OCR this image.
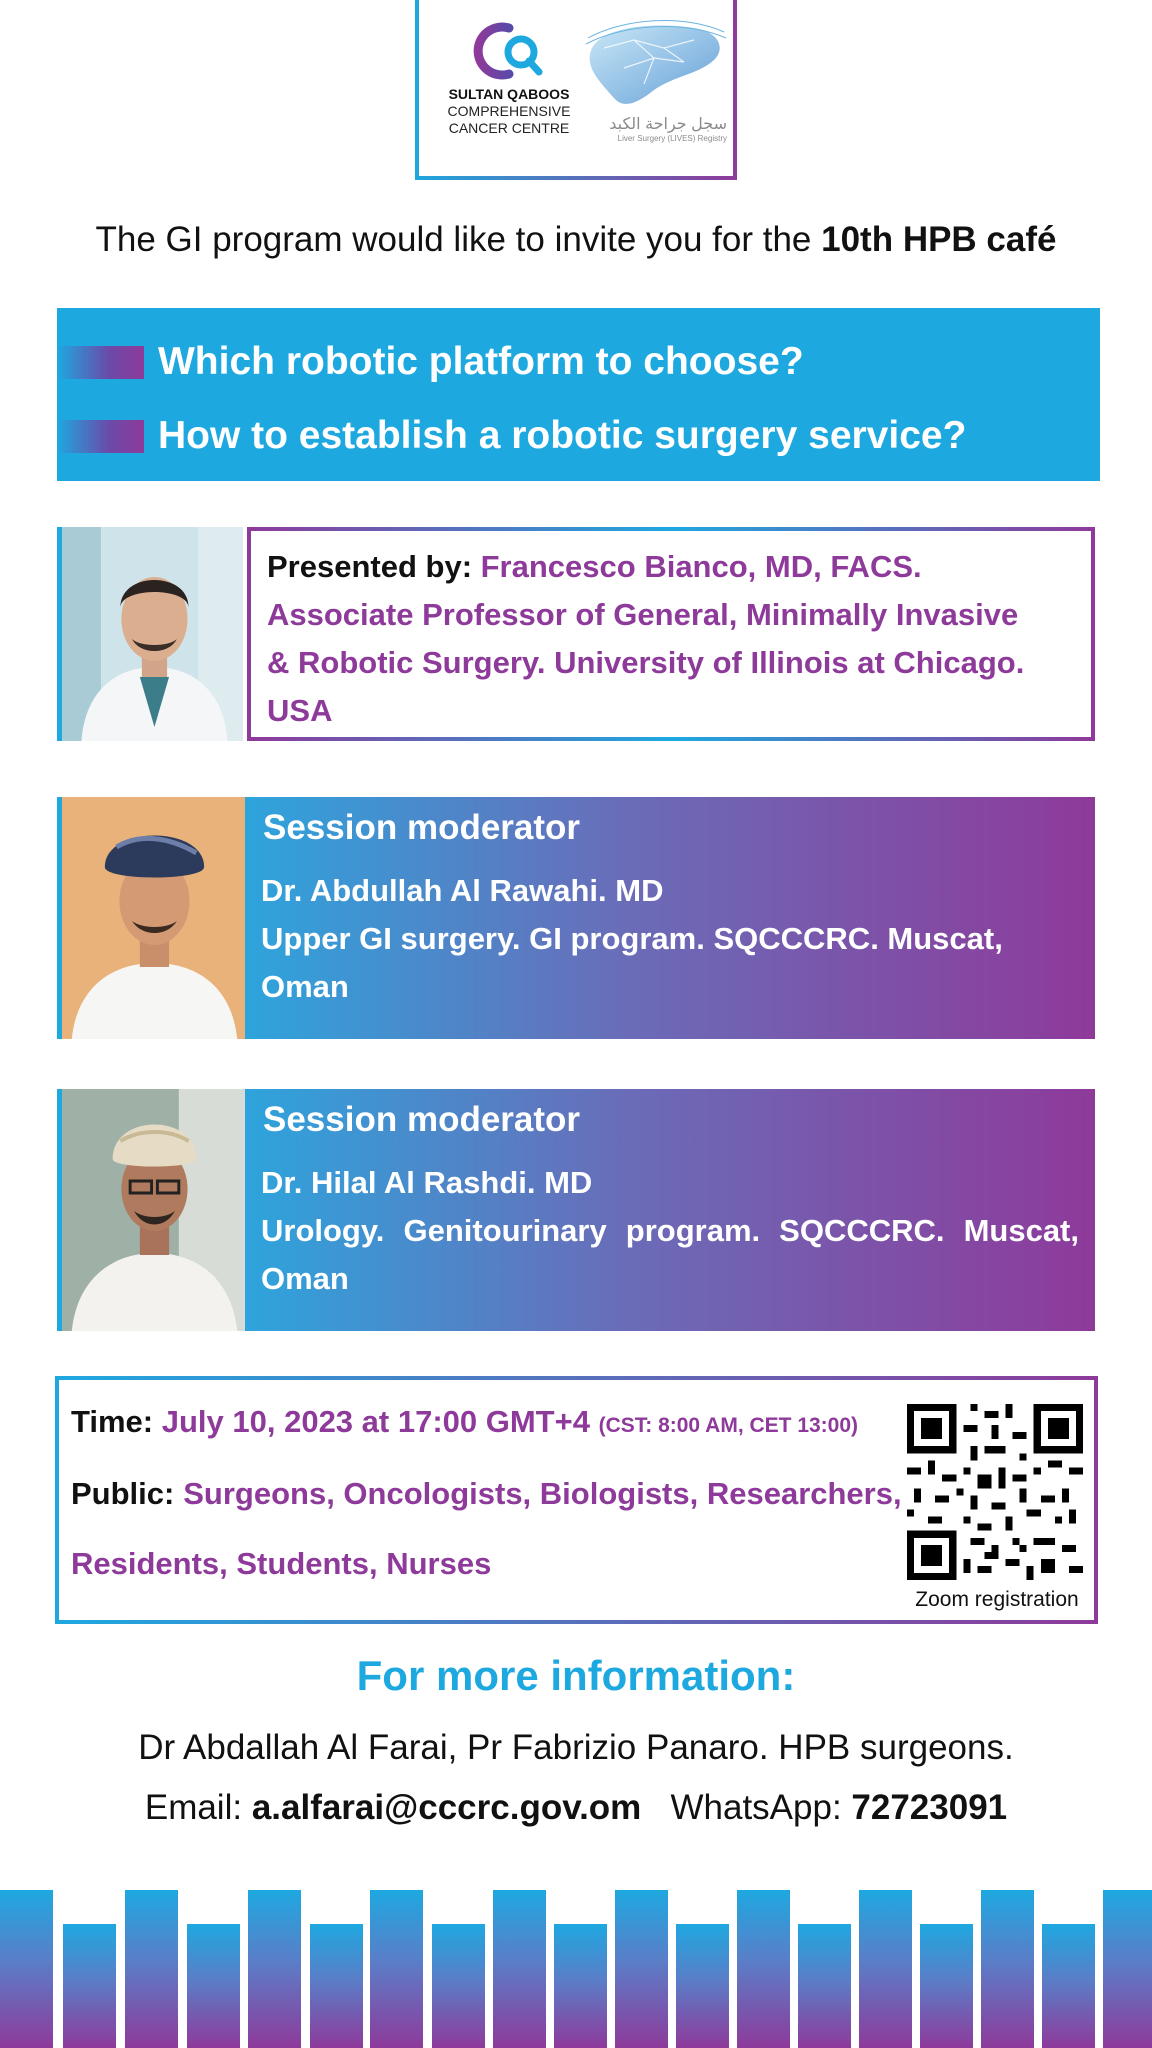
SULTAN QABOOS
COMPREHENSIVE
CANCER CENTRE	سجل جراحة الكبد
Liver Surgery (LIVES) Registry
The GI program would like to invite you for the 10th HPB café
Which robotic platform to choose?
How to establish a robotic surgery service?
Presented by: Francesco Bianco, MD, FACS.
Associate Professor of General, Minimally Invasive
& Robotic Surgery. University of Illinois at Chicago.
USA
Session moderator
Dr. Abdullah Al Rawahi. MD
Upper GI surgery. GI program. SQCCCRC. Muscat, Oman
Session moderator
Dr. Hilal Al Rashdi. MD
Urology. Genitourinary program. SQCCCRC. Muscat, Oman
Time: July 10, 2023 at 17:00 GMT+4 (CST: 8:00 AM, CET 13:00)
Public: Surgeons, Oncologists, Biologists, Researchers,
Residents, Students, Nurses
Zoom registration
For more information:
Dr Abdallah Al Farai, Pr Fabrizio Panaro. HPB surgeons.
Email: a.alfarai@cccrc.gov.om   WhatsApp: 72723091
